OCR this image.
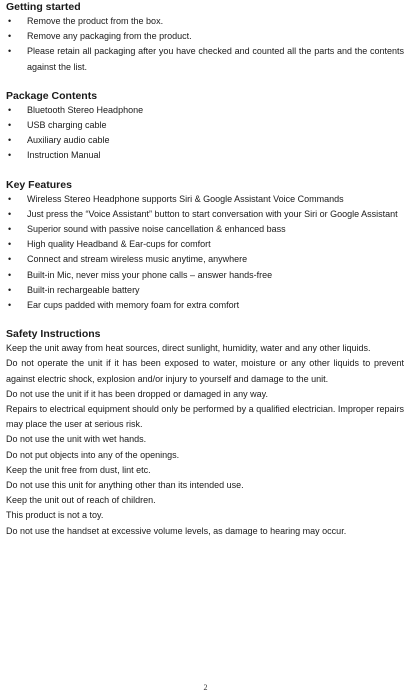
Getting started
• Remove the product from the box.
• Remove any packaging from the product.
• Please retain all packaging after you have checked and counted all the parts and the contents against the list.
Package Contents
• Bluetooth Stereo Headphone
• USB charging cable
• Auxiliary audio cable
• Instruction Manual
Key Features
• Wireless Stereo Headphone supports Siri & Google Assistant Voice Commands
• Just press the “Voice Assistant” button to start conversation with your Siri or Google Assistant
• Superior sound with passive noise cancellation & enhanced bass
• High quality Headband & Ear-cups for comfort
• Connect and stream wireless music anytime, anywhere
• Built-in Mic, never miss your phone calls – answer hands-free
• Built-in rechargeable battery
• Ear cups padded with memory foam for extra comfort
Safety Instructions

Keep the unit away from heat sources, direct sunlight, humidity, water and any other liquids.

Do not operate the unit if it has been exposed to water, moisture or any other liquids to prevent against electric shock, explosion and/or injury to yourself and damage to the unit.

Do not use the unit if it has been dropped or damaged in any way.

Repairs to electrical equipment should only be performed by a qualified electrician. Improper repairs may place the user at serious risk.

Do not use the unit with wet hands.

Do not put objects into any of the openings.

Keep the unit free from dust, lint etc.

Do not use this unit for anything other than its intended use.

Keep the unit out of reach of children.

This product is not a toy.

Do not use the handset at excessive volume levels, as damage to hearing may occur.

2
